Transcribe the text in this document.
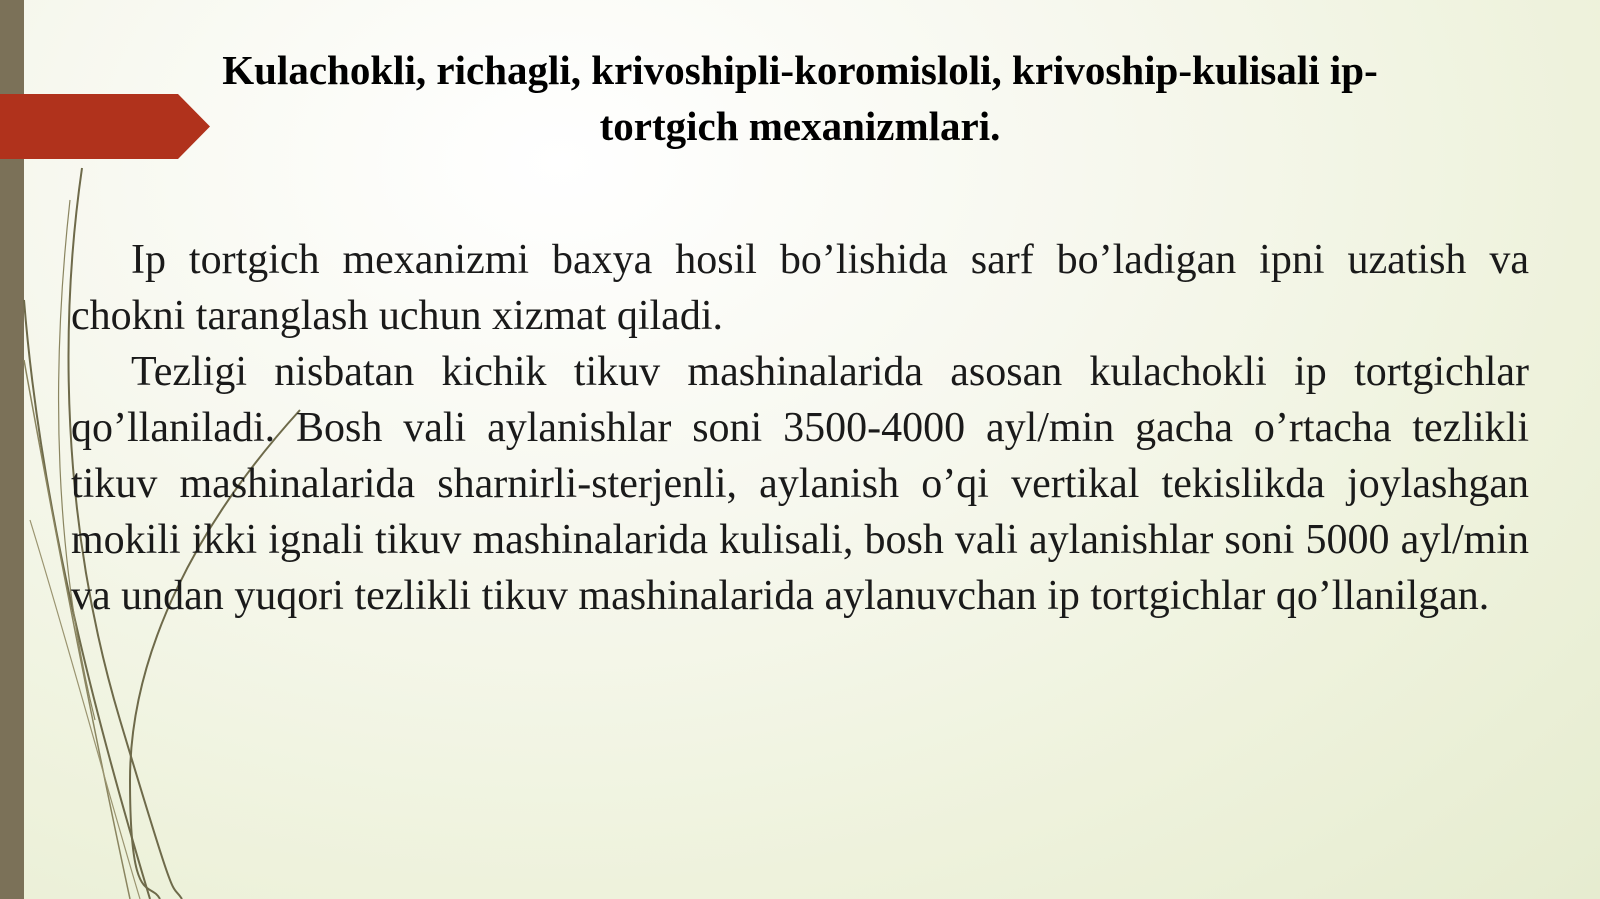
Kulachokli, richagli, krivoshipli-koromisloli, krivoship-kulisali ip-
tortgich mexanizmlari.

Ip tortgich mexanizmi baxya hosil bo’lishida sarf bo’ladigan ipni uzatish va chokni taranglash uchun xizmat qiladi.

Tezligi nisbatan kichik tikuv mashinalarida asosan kulachokli ip tortgichlar qo’llaniladi. Bosh vali aylanishlar soni 3500-4000 ayl/min gacha o’rtacha tezlikli tikuv mashinalarida sharnirli-sterjenli, aylanish o’qi vertikal tekislikda joylashgan mokili ikki ignali tikuv mashinalarida kulisali, bosh vali aylanishlar soni 5000 ayl/min va undan yuqori tezlikli tikuv mashinalarida aylanuvchan ip tortgichlar qo’llanilgan.
